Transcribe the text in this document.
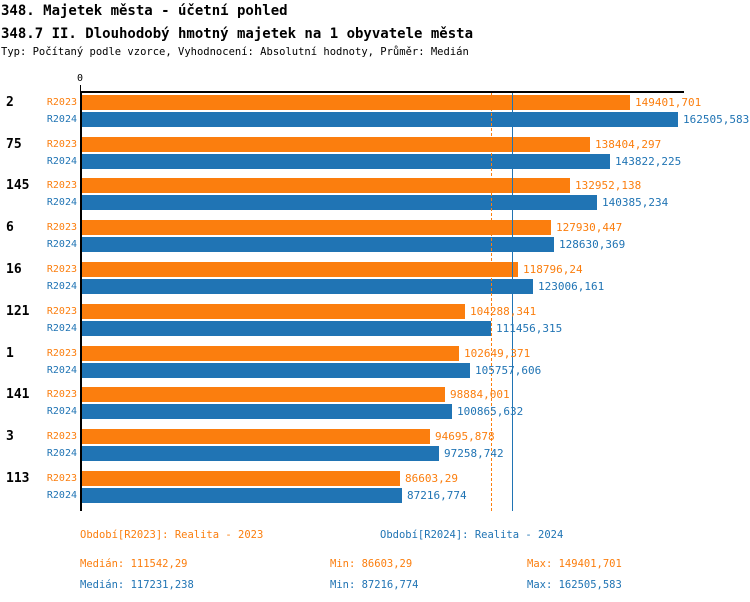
348. Majetek města - účetní pohled
348.7 II. Dlouhodobý hmotný majetek na 1 obyvatele města
Typ: Počítaný podle vzorce, Vyhodnocení: Absolutní hodnoty, Průměr: Medián
0
2	R2023	149401,701
R2024	162505,583
75	R2023	138404,297
R2024	143822,225
145	R2023	132952,138
R2024	140385,234
6	R2023	127930,447
R2024	128630,369
16	R2023	118796,24
R2024	123006,161
121	R2023	104288,341
R2024	111456,315
1	R2023	102649,371
R2024	105757,606
141	R2023	98884,001
R2024	100865,632
3	R2023	94695,878
R2024	97258,742
113	R2023	86603,29
R2024	87216,774
Období[R2023]: Realita - 2023	Období[R2024]: Realita - 2024
Medián: 111542,29	Min: 86603,29	Max: 149401,701
Medián: 117231,238	Min: 87216,774	Max: 162505,583
